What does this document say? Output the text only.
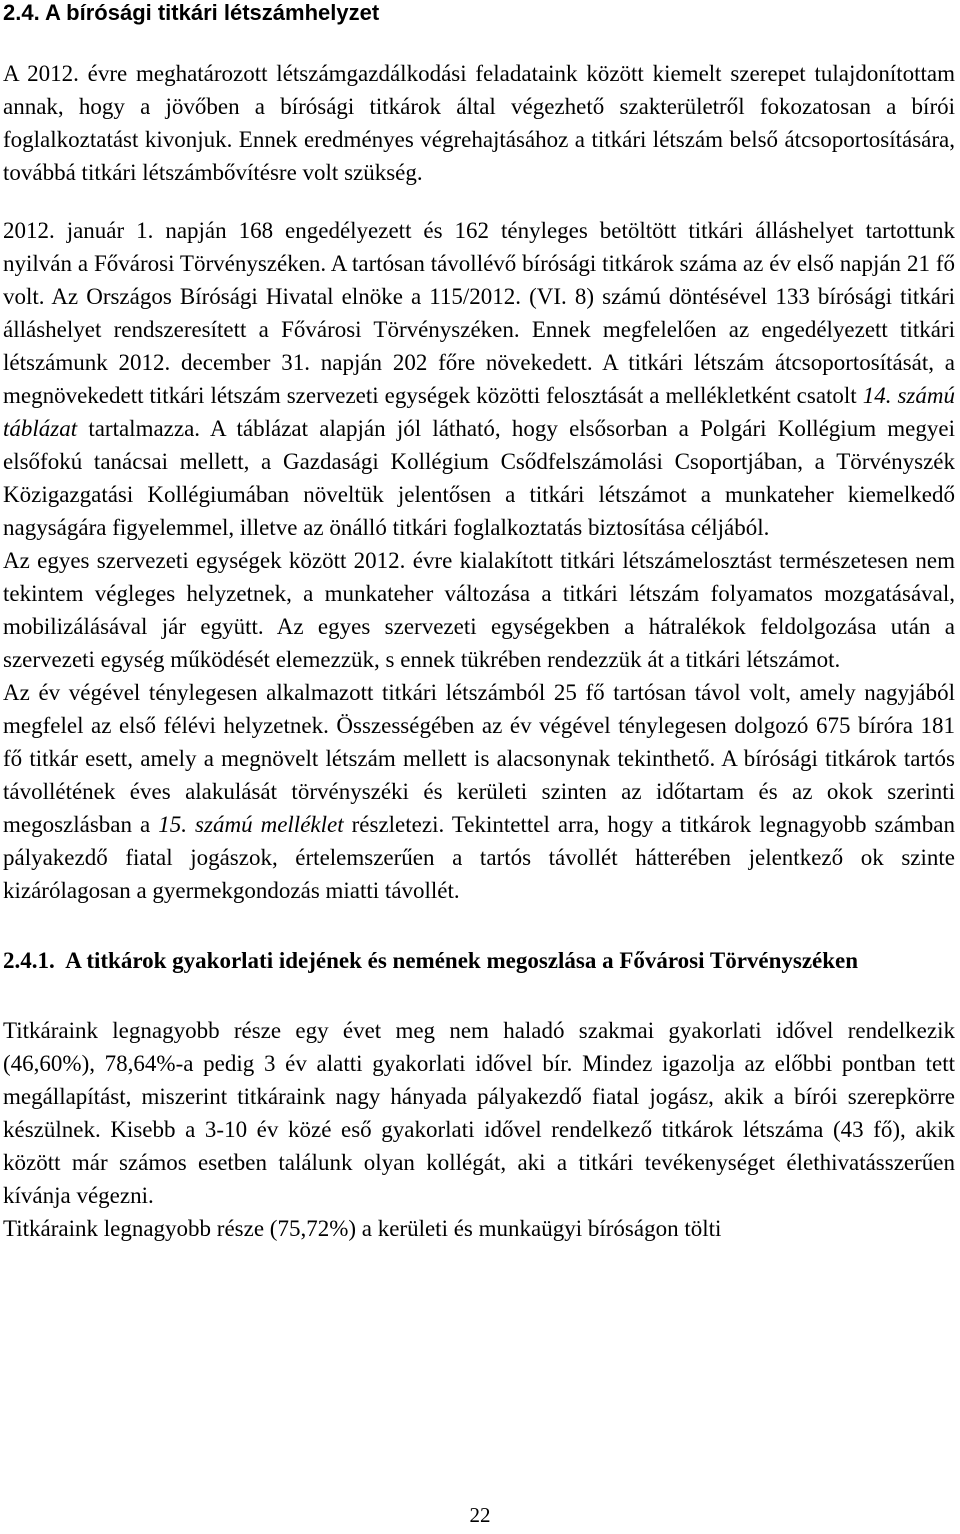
2.4. A bírósági titkári létszámhelyzet

A 2012. évre meghatározott létszámgazdálkodási feladataink között kiemelt szerepet tulajdonítottam annak, hogy a jövőben a bírósági titkárok által végezhető szakterületről fokozatosan a bírói foglalkoztatást kivonjuk. Ennek eredményes végrehajtásához a titkári létszám belső átcsoportosítására, továbbá titkári létszámbővítésre volt szükség.

2012. január 1. napján 168 engedélyezett és 162 tényleges betöltött titkári álláshelyet tartottunk nyilván a Fővárosi Törvényszéken. A tartósan távollévő bírósági titkárok száma az év első napján 21 fő volt. Az Országos Bírósági Hivatal elnöke a 115/2012. (VI. 8) számú döntésével 133 bírósági titkári álláshelyet rendszeresített a Fővárosi Törvényszéken. Ennek megfelelően az engedélyezett titkári létszámunk 2012. december 31. napján 202 főre növekedett. A titkári létszám átcsoportosítását, a megnövekedett titkári létszám szervezeti egységek közötti felosztását a mellékletként csatolt 14. számú táblázat tartalmazza. A táblázat alapján jól látható, hogy elsősorban a Polgári Kollégium megyei elsőfokú tanácsai mellett, a Gazdasági Kollégium Csődfelszámolási Csoportjában, a Törvényszék Közigazgatási Kollégiumában növeltük jelentősen a titkári létszámot a munkateher kiemelkedő nagyságára figyelemmel, illetve az önálló titkári foglalkoztatás biztosítása céljából.

Az egyes szervezeti egységek között 2012. évre kialakított titkári létszámelosztást természetesen nem tekintem végleges helyzetnek, a munkateher változása a titkári létszám folyamatos mozgatásával, mobilizálásával jár együtt. Az egyes szervezeti egységekben a hátralékok feldolgozása után a szervezeti egység működését elemezzük, s ennek tükrében rendezzük át a titkári létszámot.

Az év végével ténylegesen alkalmazott titkári létszámból 25 fő tartósan távol volt, amely nagyjából megfelel az első félévi helyzetnek. Összességében az év végével ténylegesen dolgozó 675 bíróra 181 fő titkár esett, amely a megnövelt létszám mellett is alacsonynak tekinthető. A bírósági titkárok tartós távollétének éves alakulását törvényszéki és kerületi szinten az időtartam és az okok szerinti megoszlásban a 15. számú melléklet részletezi. Tekintettel arra, hogy a titkárok legnagyobb számban pályakezdő fiatal jogászok, értelemszerűen a tartós távollét hátterében jelentkező ok szinte kizárólagosan a gyermekgondozás miatti távollét.

2.4.1. A titkárok gyakorlati idejének és nemének megoszlása a Fővárosi Törvényszéken

Titkáraink legnagyobb része egy évet meg nem haladó szakmai gyakorlati idővel rendelkezik (46,60%), 78,64%-a pedig 3 év alatti gyakorlati idővel bír. Mindez igazolja az előbbi pontban tett megállapítást, miszerint titkáraink nagy hányada pályakezdő fiatal jogász, akik a bírói szerepkörre készülnek. Kisebb a 3-10 év közé eső gyakorlati idővel rendelkező titkárok létszáma (43 fő), akik között már számos esetben találunk olyan kollégát, aki a titkári tevékenységet élethivatásszerűen kívánja végezni.

Titkáraink legnagyobb része (75,72%) a kerületi és munkaügyi bíróságon tölti

22
